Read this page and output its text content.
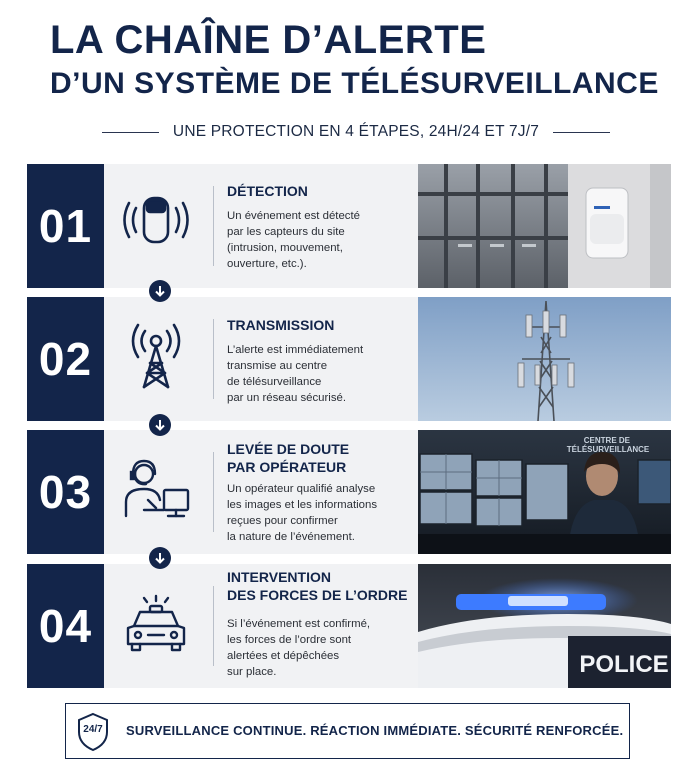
LA CHAÎNE D’ALERTE
D’UN SYSTÈME DE TÉLÉSURVEILLANCE
UNE PROTECTION EN 4 ÉTAPES, 24H/24 ET 7J/7
01
DÉTECTION
Un événement est détecté
par les capteurs du site
(intrusion, mouvement,
ouverture, etc.).
02
TRANSMISSION
L’alerte est immédiatement
transmise au centre
de télésurveillance
par un réseau sécurisé.
03
LEVÉE DE DOUTE
PAR OPÉRATEUR
Un opérateur qualifié analyse
les images et les informations
reçues pour confirmer
la nature de l’événement.
CENTRE DE TÉLÉSURVEILLANCE
04
INTERVENTION
DES FORCES DE L’ORDRE
Si l’événement est confirmé,
les forces de l’ordre sont
alertées et dépêchées
sur place.	POLICE
24/7	SURVEILLANCE CONTINUE. RÉACTION IMMÉDIATE. SÉCURITÉ RENFORCÉE.
